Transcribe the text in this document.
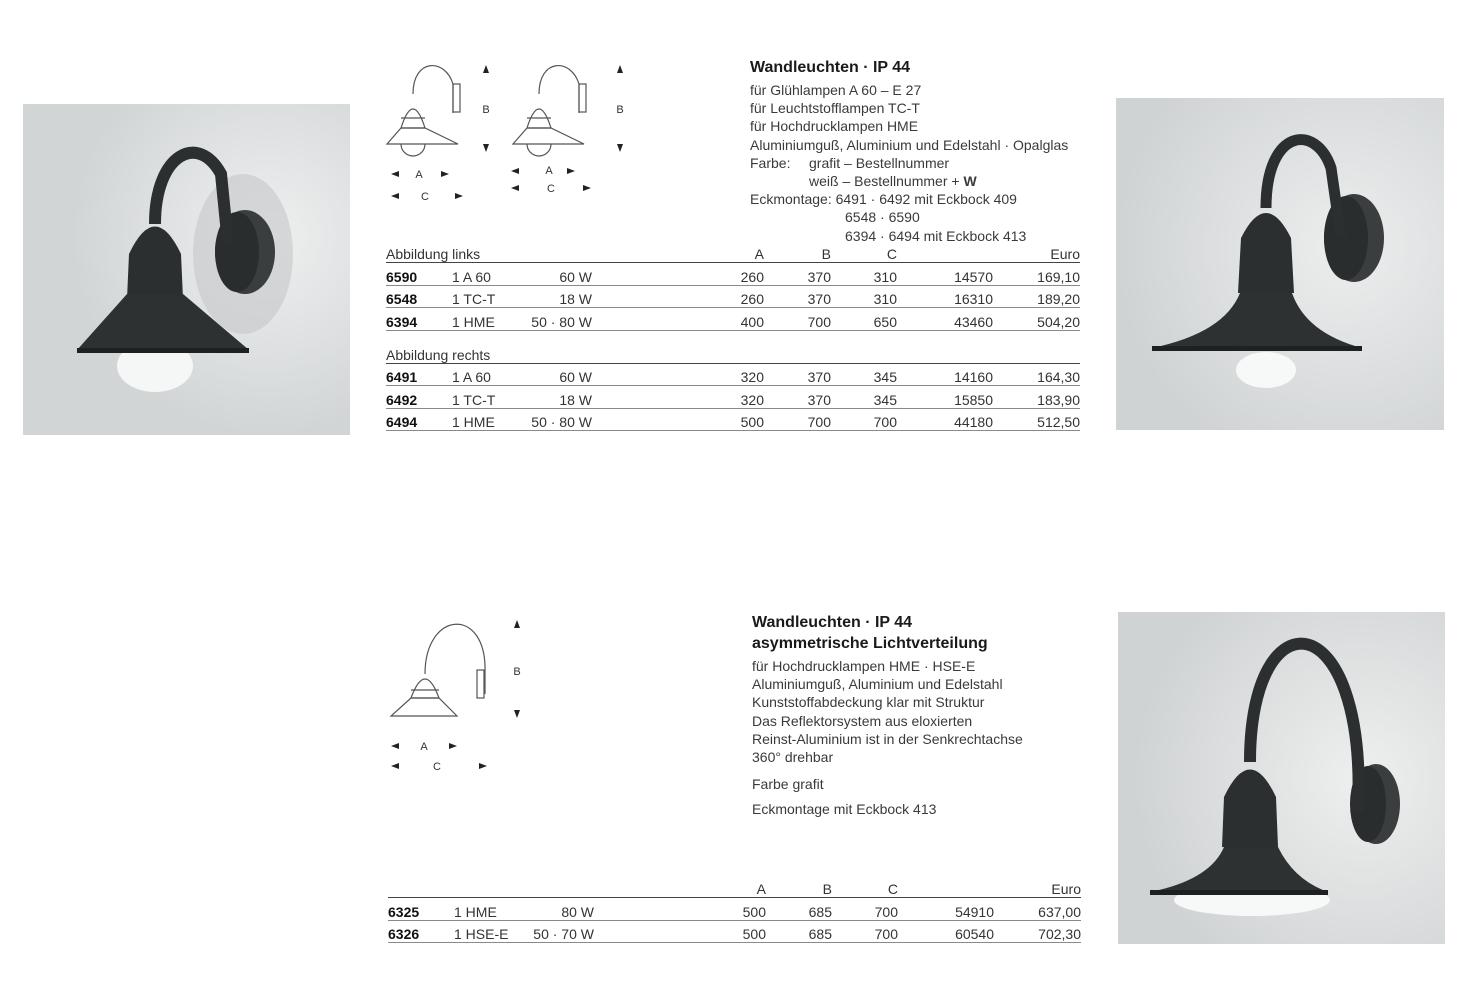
B	B
A
C
A
C
Wandleuchten · IP 44
für Glühlampen A 60 – E 27
für Leuchtstofflampen TC-T
für Hochdrucklampen HME
Aluminiumguß, Aluminium und Edelstahl · Opalglas
Farbe: grafit – Bestellnummer
weiß – Bestellnummer + W
Eckmontage: 6491 · 6492 mit Eckbock 409
6548 · 6590
6394 · 6494 mit Eckbock 413
Abbildung links			A	B	C		Euro
6590	1 A 60	60 W	260	370	310	14570	169,10
6548	1 TC-T	18 W	260	370	310	16310	189,20
6394	1 HME	50 · 80 W	400	700	650	43460	504,20
Abbildung rechts							
6491	1 A 60	60 W	320	370	345	14160	164,30
6492	1 TC-T	18 W	320	370	345	15850	183,90
6494	1 HME	50 · 80 W	500	700	700	44180	512,50
B
A
C
Wandleuchten · IP 44
asymmetrische Lichtverteilung
für Hochdrucklampen HME · HSE-E
Aluminiumguß, Aluminium und Edelstahl
Kunststoffabdeckung klar mit Struktur
Das Reflektorsystem aus eloxierten
Reinst-Aluminium ist in der Senkrechtachse
360° drehbar
Farbe grafit
Eckmontage mit Eckbock 413
			A	B	C		Euro
6325	1 HME	80 W	500	685	700	54910	637,00
6326	1 HSE-E	50 · 70 W	500	685	700	60540	702,30
